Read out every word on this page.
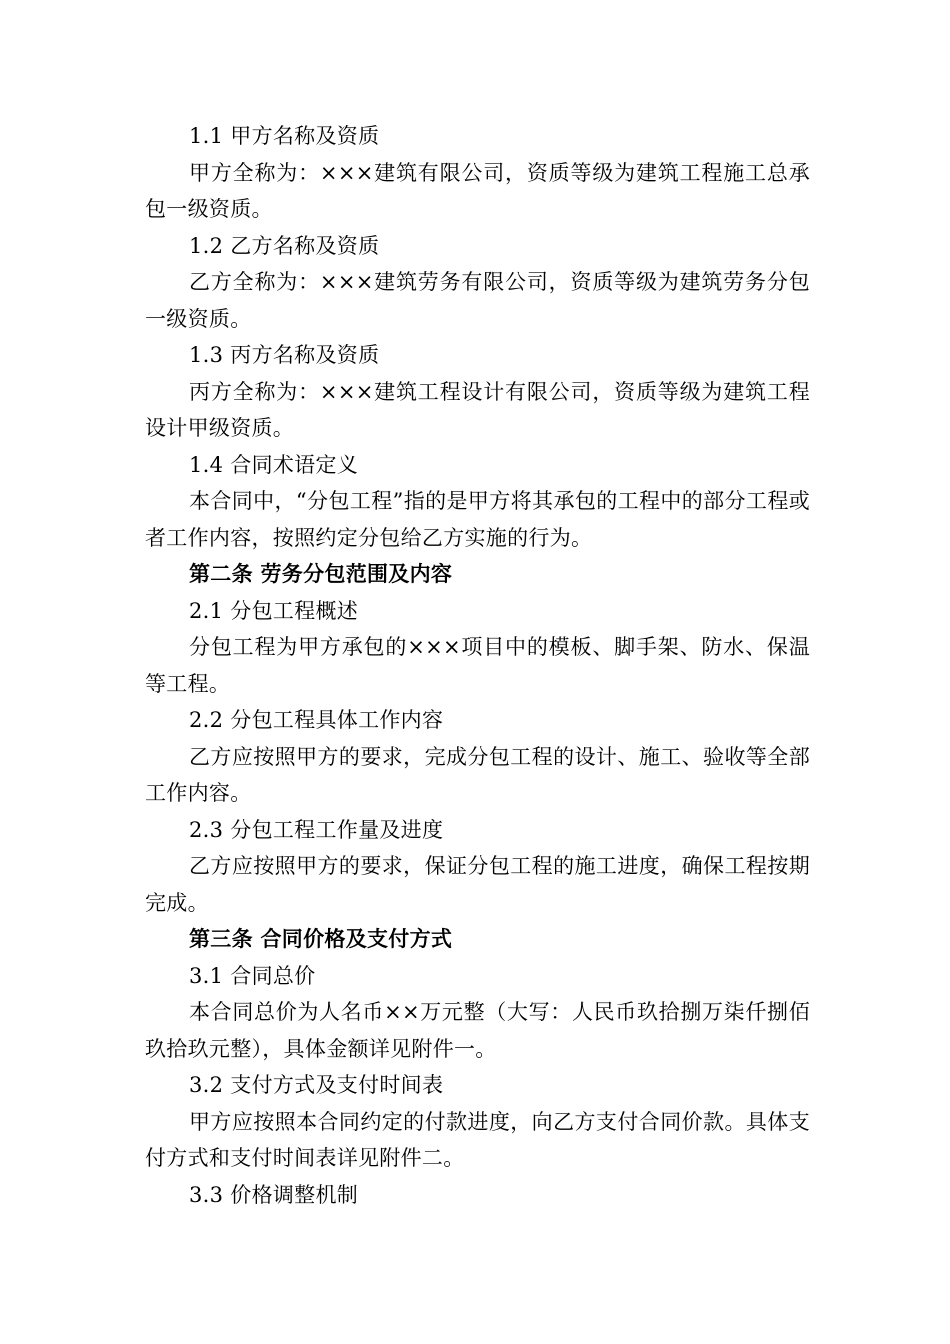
1.1 甲方名称及资质

甲方全称为：×××建筑有限公司，资质等级为建筑工程施工总承包一级资质。

1.2 乙方名称及资质

乙方全称为：×××建筑劳务有限公司，资质等级为建筑劳务分包一级资质。

1.3 丙方名称及资质

丙方全称为：×××建筑工程设计有限公司，资质等级为建筑工程设计甲级资质。

1.4 合同术语定义

本合同中，“分包工程”指的是甲方将其承包的工程中的部分工程或者工作内容，按照约定分包给乙方实施的行为。

第二条 劳务分包范围及内容

2.1 分包工程概述

分包工程为甲方承包的×××项目中的模板、脚手架、防水、保温等工程。

2.2 分包工程具体工作内容

乙方应按照甲方的要求，完成分包工程的设计、施工、验收等全部工作内容。

2.3 分包工程工作量及进度

乙方应按照甲方的要求，保证分包工程的施工进度，确保工程按期完成。

第三条 合同价格及支付方式

3.1 合同总价

本合同总价为人名币××万元整（大写：人民币玖拾捌万柒仟捌佰玖拾玖元整），具体金额详见附件一。

3.2 支付方式及支付时间表

甲方应按照本合同约定的付款进度，向乙方支付合同价款。具体支付方式和支付时间表详见附件二。

3.3 价格调整机制
